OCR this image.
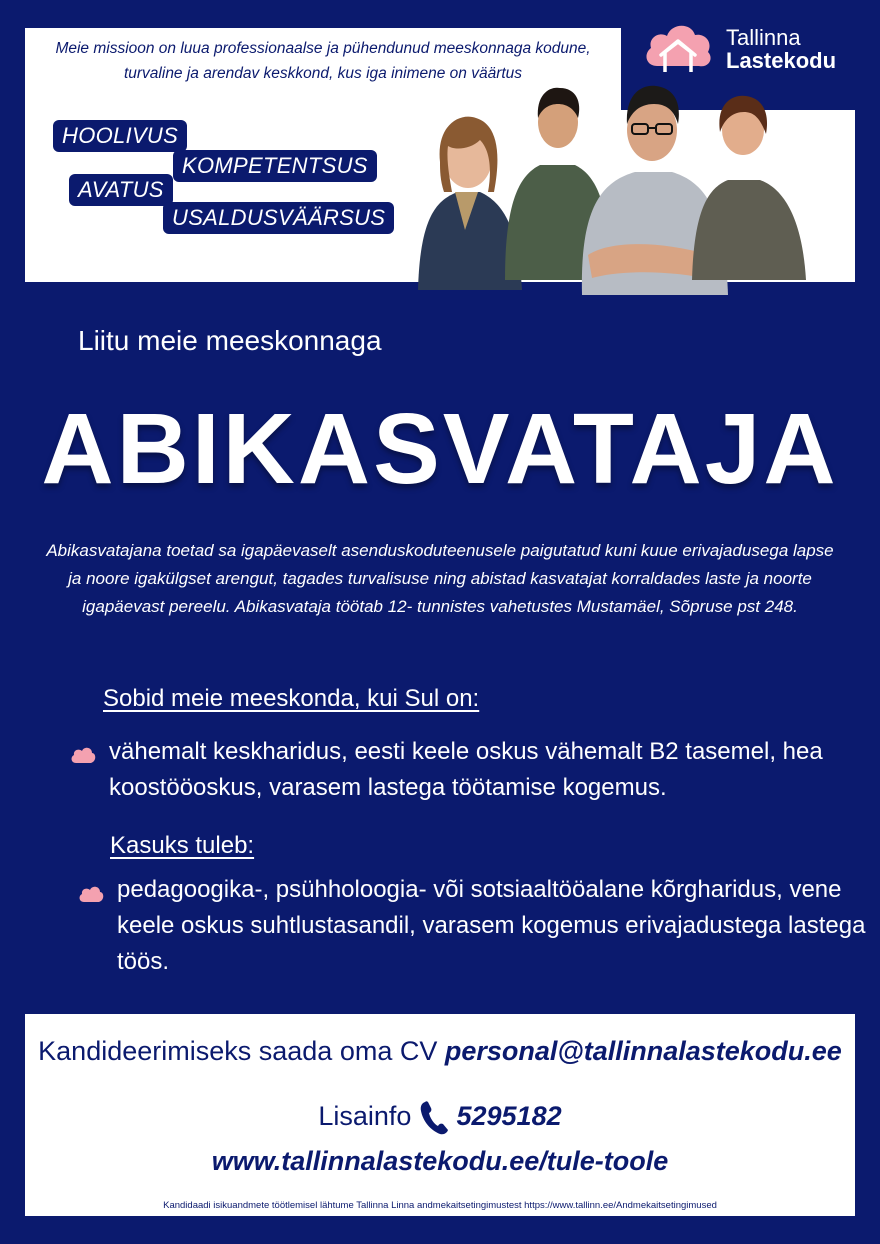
Meie missioon on luua professionaalse ja pühendunud meeskonnaga kodune, turvaline ja arendav keskkond, kus iga inimene on väärtus
HOOLIVUS
KOMPETENTSUS
AVATUS
USALDUSVÄÄRSUS
Tallinna
Lastekodu
Liitu meie meeskonnaga
ABIKASVATAJA
Abikasvatajana toetad sa igapäevaselt asenduskoduteenusele paigutatud kuni kuue erivajadusega lapse ja noore igakülgset arengut, tagades turvalisuse ning abistad kasvatajat korraldades laste ja noorte igapäevast pereelu. Abikasvataja töötab 12- tunnistes vahetustes Mustamäel, Sõpruse pst 248.
Sobid meie meeskonda, kui Sul on:
vähemalt keskharidus, eesti keele oskus vähemalt B2 tasemel, hea koostööoskus, varasem lastega töötamise kogemus.
Kasuks tuleb:
pedagoogika-, psühholoogia- või sotsiaaltööalane kõrgharidus, vene keele oskus suhtlustasandil, varasem kogemus erivajadustega lastega töös.
Kandideerimiseks saada oma CV personal@tallinnalastekodu.ee
Lisainfo 5295182
www.tallinnalastekodu.ee/tule-toole
Kandidaadi isikuandmete töötlemisel lähtume Tallinna Linna andmekaitsetingimustest https://www.tallinn.ee/Andmekaitsetingimused
